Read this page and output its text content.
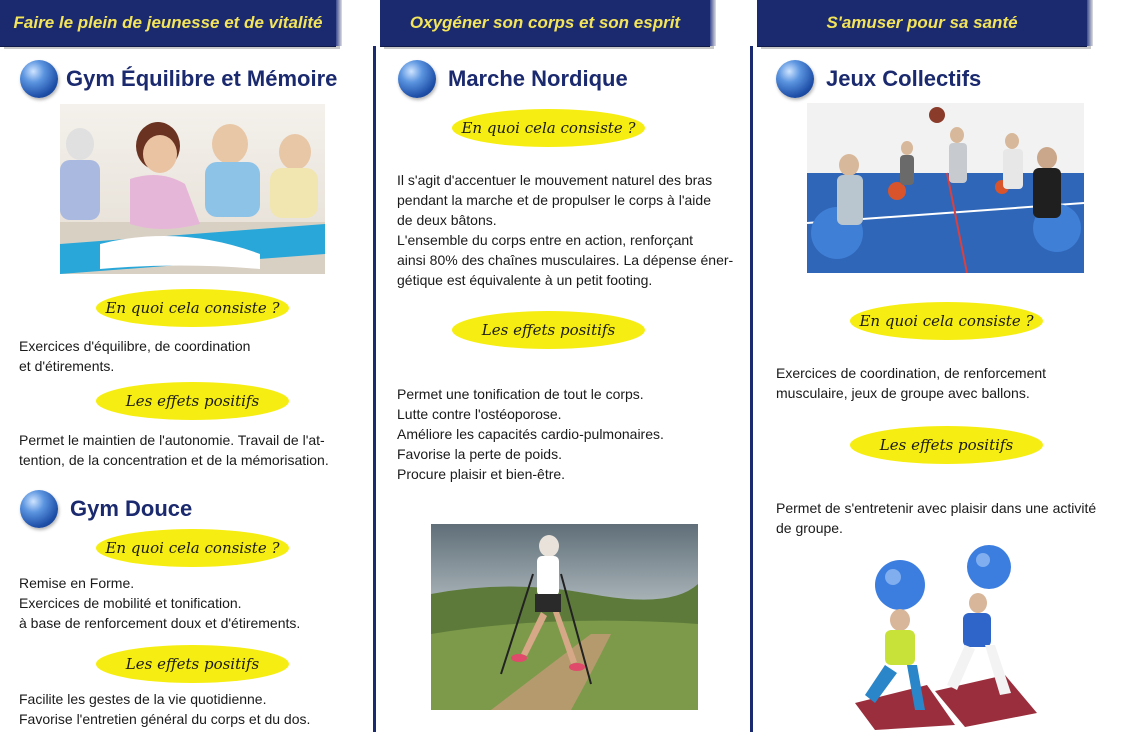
Faire le plein de jeunesse et de vitalité
Gym Équilibre et Mémoire
En quoi cela consiste ?
Exercices d'équilibre, de coordination
et d'étirements.
Les effets positifs
Permet le maintien de l'autonomie. Travail de l'at-
tention, de la concentration et de la mémorisation.
Gym Douce
En quoi cela consiste ?
Remise en Forme.
Exercices de mobilité et tonification.
à base de renforcement doux et d'étirements.
Les effets positifs
Facilite les gestes de la vie quotidienne.
Favorise l'entretien général du corps et du dos.
Oxygéner son corps et son esprit
Marche Nordique
En quoi cela consiste ?
Il s'agit d'accentuer le mouvement naturel des bras
pendant la marche et de propulser le corps à l'aide
de deux bâtons.
L'ensemble du corps entre en action, renforçant
ainsi 80% des chaînes musculaires. La dépense éner-
gétique est équivalente à un petit footing.
Les effets positifs
Permet une tonification de tout le corps.
Lutte contre l'ostéoporose.
Améliore les capacités cardio-pulmonaires.
Favorise la perte de poids.
Procure plaisir et bien-être.
S'amuser pour sa santé
Jeux Collectifs
En quoi cela consiste ?
Exercices de coordination, de renforcement
musculaire, jeux de groupe avec ballons.
Les effets positifs
Permet de s'entretenir avec plaisir dans une activité
de groupe.
